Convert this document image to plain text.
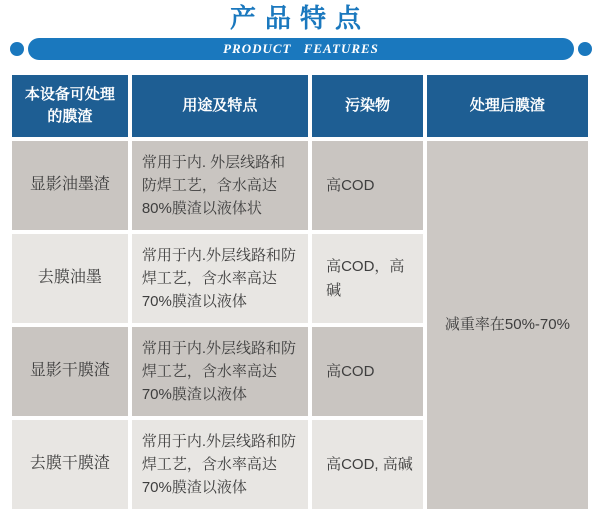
产品特点
PRODUCT FEATURES
本设备可处理的膜渣	用途及特点	污染物	处理后膜渣
显影油墨渣	常用于内. 外层线路和防焊工艺，含水高达80%膜渣以液体状	高COD	减重率在50%-70%
去膜油墨	常用于内.外层线路和防焊工艺，含水率高达70%膜渣以液体	高COD，高碱	
显影干膜渣	常用于内.外层线路和防焊工艺，含水率高达70%膜渣以液体	高COD	
去膜干膜渣	常用于内.外层线路和防焊工艺，含水率高达70%膜渣以液体	高COD, 高碱	
